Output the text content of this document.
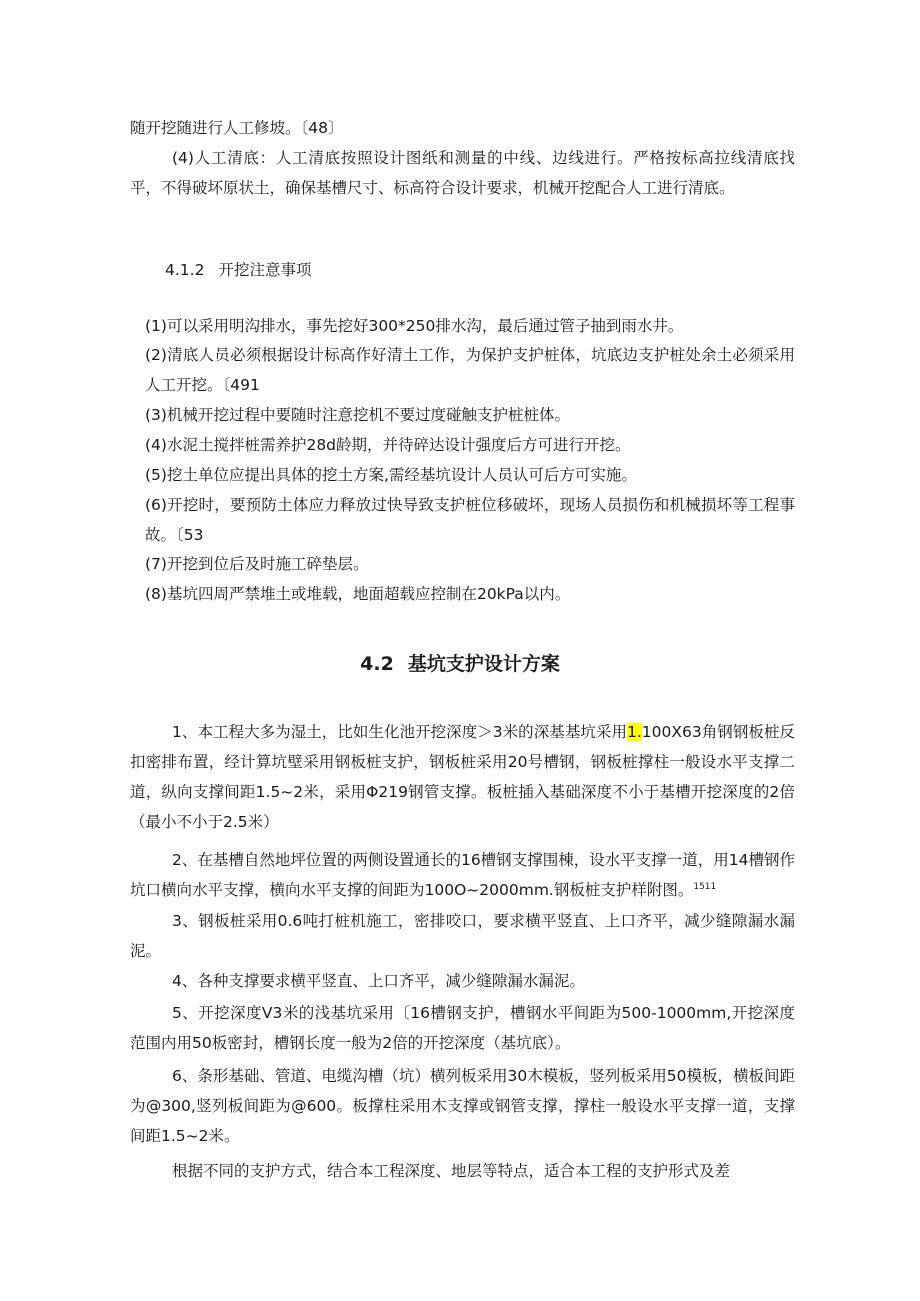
随开挖随进行人工修坡。〔48〕

(4)人工清底：人工清底按照设计图纸和测量的中线、边线进行。严格按标高拉线清底找平，不得破坏原状土，确保基槽尺寸、标高符合设计要求，机械开挖配合人工进行清底。

4.1.2 开挖注意事项

(1)可以采用明沟排水，事先挖好300*250排水沟，最后通过管子抽到雨水井。

(2)清底人员必须根据设计标高作好清土工作，为保护支护桩体，坑底边支护桩处余土必须采用人工开挖。〔491

(3)机械开挖过程中要随时注意挖机不要过度碰触支护桩桩体。

(4)水泥土搅拌桩需养护28d龄期，并待碎达设计强度后方可进行开挖。

(5)挖土单位应提出具体的挖土方案,需经基坑设计人员认可后方可实施。

(6)开挖时，要预防土体应力释放过快导致支护桩位移破坏，现场人员损伤和机械损坏等工程事故。〔53

(7)开挖到位后及时施工碎垫层。

(8)基坑四周严禁堆土或堆载，地面超载应控制在20kPa以内。

4.2 基坑支护设计方案

1、本工程大多为湿土，比如生化池开挖深度＞3米的深基基坑采用1.100X63角钢钢板桩反扣密排布置，经计算坑壁采用钢板桩支护，钢板桩采用20号槽钢，钢板桩撑柱一般设水平支撑二道，纵向支撑间距1.5~2米，采用Φ219钢管支撑。板桩插入基础深度不小于基槽开挖深度的2倍（最小不小于2.5米）

2、在基槽自然地坪位置的两侧设置通长的16槽钢支撑围棟，设水平支撑一道，用14槽钢作坑口横向水平支撑，横向水平支撑的间距为100O~2000mm.钢板桩支护样附图。$^{1511}$

3、钢板桩采用0.6吨打桩机施工，密排咬口，要求横平竖直、上口齐平，减少缝隙漏水漏泥。

4、各种支撑要求横平竖直、上口齐平，减少缝隙漏水漏泥。

5、开挖深度V3米的浅基坑采用〔16槽钢支护，槽钢水平间距为500-1000mm,开挖深度范围内用50板密封，槽钢长度一般为2倍的开挖深度（基坑底）。

6、条形基础、管道、电缆沟槽（坑）横列板采用30木模板，竖列板采用50模板，横板间距为@300,竖列板间距为@600。板撑柱采用木支撑或钢管支撑，撑柱一般设水平支撑一道，支撑间距1.5~2米。

根据不同的支护方式，结合本工程深度、地层等特点，适合本工程的支护形式及差
